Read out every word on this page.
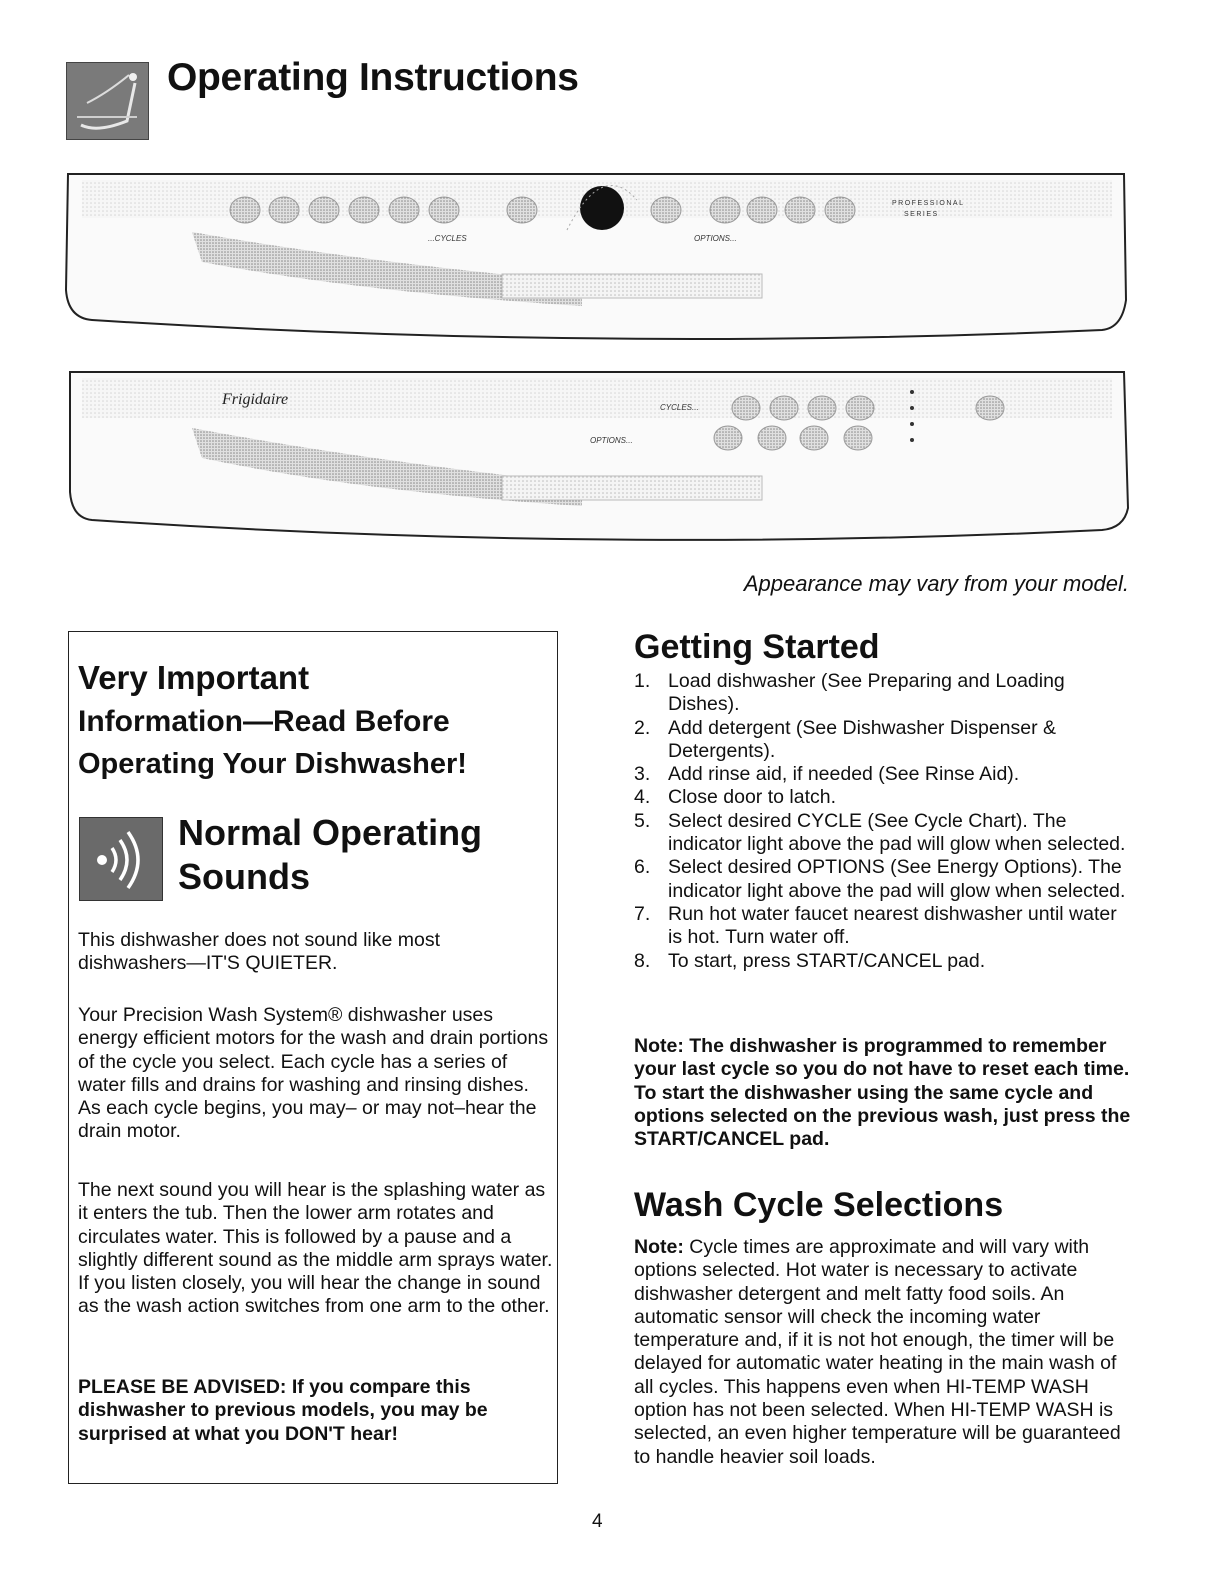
Operating Instructions
...CYCLES	OPTIONS...
PROFESSIONAL
SERIES
Frigidaire	CYCLES...
OPTIONS...
Appearance may vary from your model.
Very Important
Information—Read Before
Operating Your Dishwasher!
Normal Operating
Sounds
This dishwasher does not sound like most dishwashers—IT'S QUIETER.
Your Precision Wash System® dishwasher uses energy efficient motors for the wash and drain portions of the cycle you select. Each cycle has a series of water fills and drains for washing and rinsing dishes. As each cycle begins, you may– or may not–hear the drain motor.
The next sound you will hear is the splashing water as it enters the tub. Then the lower arm rotates and circulates water. This is followed by a pause and a slightly different sound as the middle arm sprays water. If you listen closely, you will hear the change in sound as the wash action switches from one arm to the other.
PLEASE BE ADVISED: If you compare this dishwasher to previous models, you may be surprised at what you DON'T hear!
Getting Started
1. Load dishwasher (See Preparing and Loading Dishes).
2. Add detergent (See Dishwasher Dispenser & Detergents).
3. Add rinse aid, if needed (See Rinse Aid).
4. Close door to latch.
5. Select desired CYCLE (See Cycle Chart). The indicator light above the pad will glow when selected.
6. Select desired OPTIONS (See Energy Options). The indicator light above the pad will glow when selected.
7. Run hot water faucet nearest dishwasher until water is hot. Turn water off.
8. To start, press START/CANCEL pad.
Note: The dishwasher is programmed to remember your last cycle so you do not have to reset each time. To start the dishwasher using the same cycle and options selected on the previous wash, just press the START/CANCEL pad.
Wash Cycle Selections
Note: Cycle times are approximate and will vary with options selected. Hot water is necessary to activate dishwasher detergent and melt fatty food soils. An automatic sensor will check the incoming water temperature and, if it is not hot enough, the timer will be delayed for automatic water heating in the main wash of all cycles. This happens even when HI-TEMP WASH option has not been selected. When HI-TEMP WASH is selected, an even higher temperature will be guaranteed to handle heavier soil loads.
4
